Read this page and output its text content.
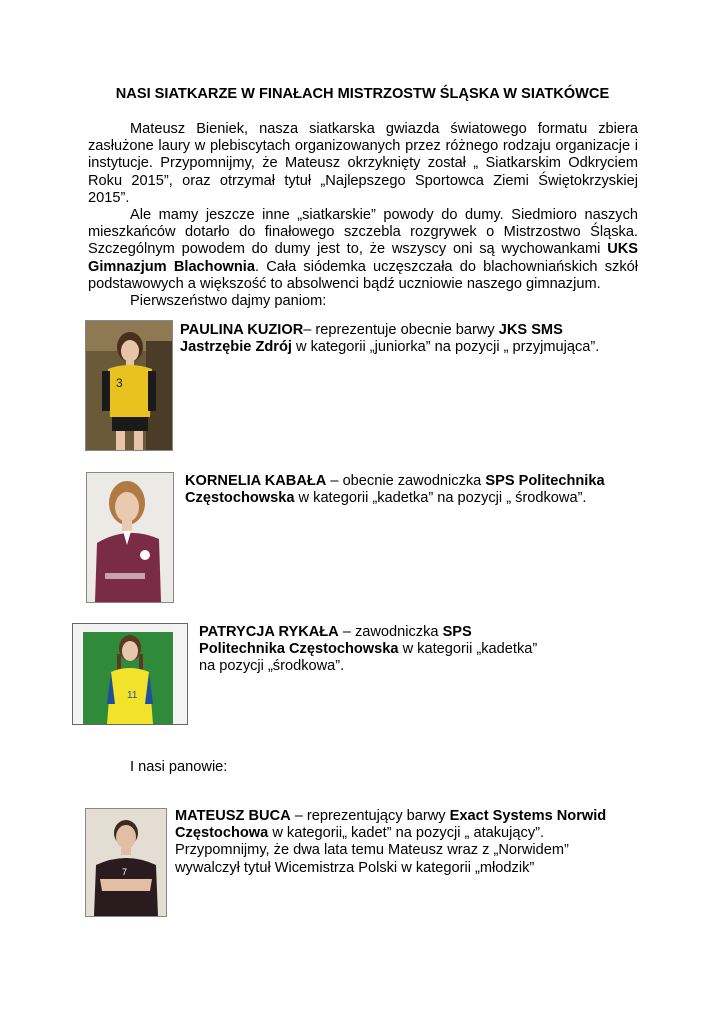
NASI SIATKARZE W FINAŁACH MISTRZOSTW ŚLĄSKA W SIATKÓWCE

Mateusz Bieniek, nasza siatkarska gwiazda światowego formatu zbiera zasłużone laury w plebiscytach organizowanych przez różnego rodzaju organizacje i instytucje. Przypomnijmy, że Mateusz okrzyknięty został „ Siatkarskim Odkryciem Roku 2015”, oraz otrzymał tytuł „Najlepszego Sportowca Ziemi Świętokrzyskiej 2015”.

Ale mamy jeszcze inne „siatkarskie” powody do dumy. Siedmioro naszych mieszkańców dotarło do finałowego szczebla rozgrywek o Mistrzostwo Śląska. Szczególnym powodem do dumy jest to, że wszyscy oni są wychowankami UKS Gimnazjum Blachownia. Cała siódemka uczęszczała do blachowniańskich szkół podstawowych a większość to absolwenci bądź uczniowie naszego gimnazjum.

Pierwszeństwo dajmy paniom:

3

PAULINA KUZIOR– reprezentuje obecnie barwy JKS SMS Jastrzębie Zdrój w kategorii „juniorka” na pozycji „ przyjmująca”.

KORNELIA KABAŁA – obecnie zawodniczka SPS Politechnika Częstochowska w kategorii „kadetka” na pozycji „ środkowa”.

11

PATRYCJA RYKAŁA – zawodniczka SPS Politechnika Częstochowska w kategorii „kadetka” na pozycji „środkowa”.

I nasi panowie:

7

MATEUSZ BUCA – reprezentujący barwy Exact Systems Norwid Częstochowa w kategorii„ kadet” na pozycji „ atakujący”. Przypomnijmy, że dwa lata temu Mateusz wraz z „Norwidem” wywalczył tytuł Wicemistrza Polski w kategorii „młodzik”
